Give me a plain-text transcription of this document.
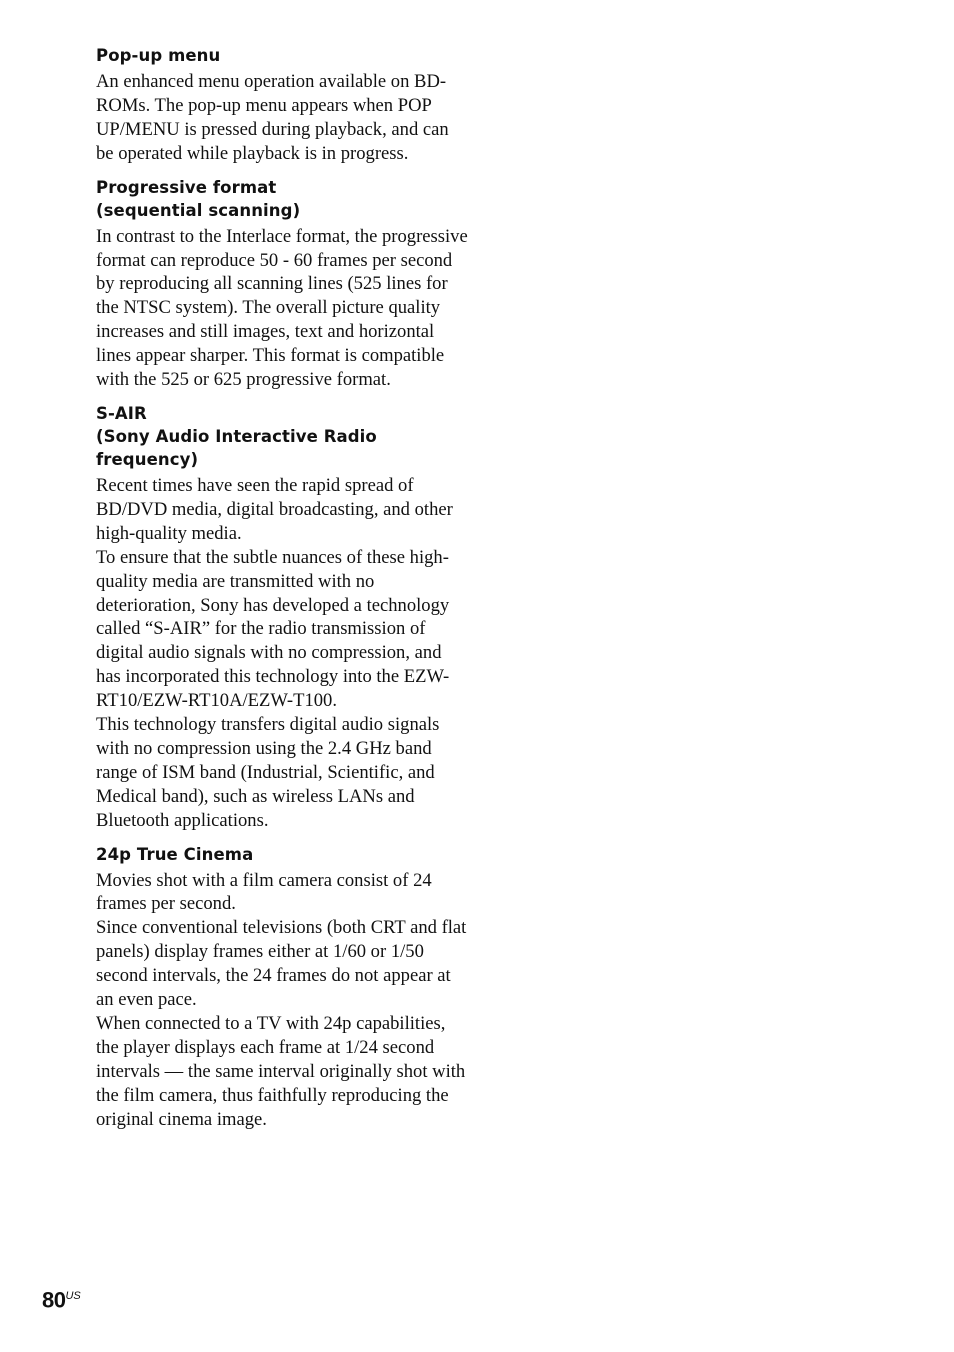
Pop-up menu

An enhanced menu operation available on BD-ROMs. The pop-up menu appears when POP UP/MENU is pressed during playback, and can be operated while playback is in progress.

Progressive format
(sequential scanning)

In contrast to the Interlace format, the progressive format can reproduce 50 - 60 frames per second by reproducing all scanning lines (525 lines for the NTSC system). The overall picture quality increases and still images, text and horizontal lines appear sharper. This format is compatible with the 525 or 625 progressive format.

S-AIR
(Sony Audio Interactive Radio
frequency)

Recent times have seen the rapid spread of BD/DVD media, digital broadcasting, and other high-quality media.

To ensure that the subtle nuances of these high-quality media are transmitted with no deterioration, Sony has developed a technology called “S-AIR” for the radio transmission of digital audio signals with no compression, and has incorporated this technology into the EZW-RT10/EZW-RT10A/EZW-T100.

This technology transfers digital audio signals with no compression using the 2.4 GHz band range of ISM band (Industrial, Scientific, and Medical band), such as wireless LANs and Bluetooth applications.

24p True Cinema

Movies shot with a film camera consist of 24 frames per second.

Since conventional televisions (both CRT and flat panels) display frames either at 1/60 or 1/50 second intervals, the 24 frames do not appear at an even pace.

When connected to a TV with 24p capabilities, the player displays each frame at 1/24 second intervals — the same interval originally shot with the film camera, thus faithfully reproducing the original cinema image.

$80^{US}$
